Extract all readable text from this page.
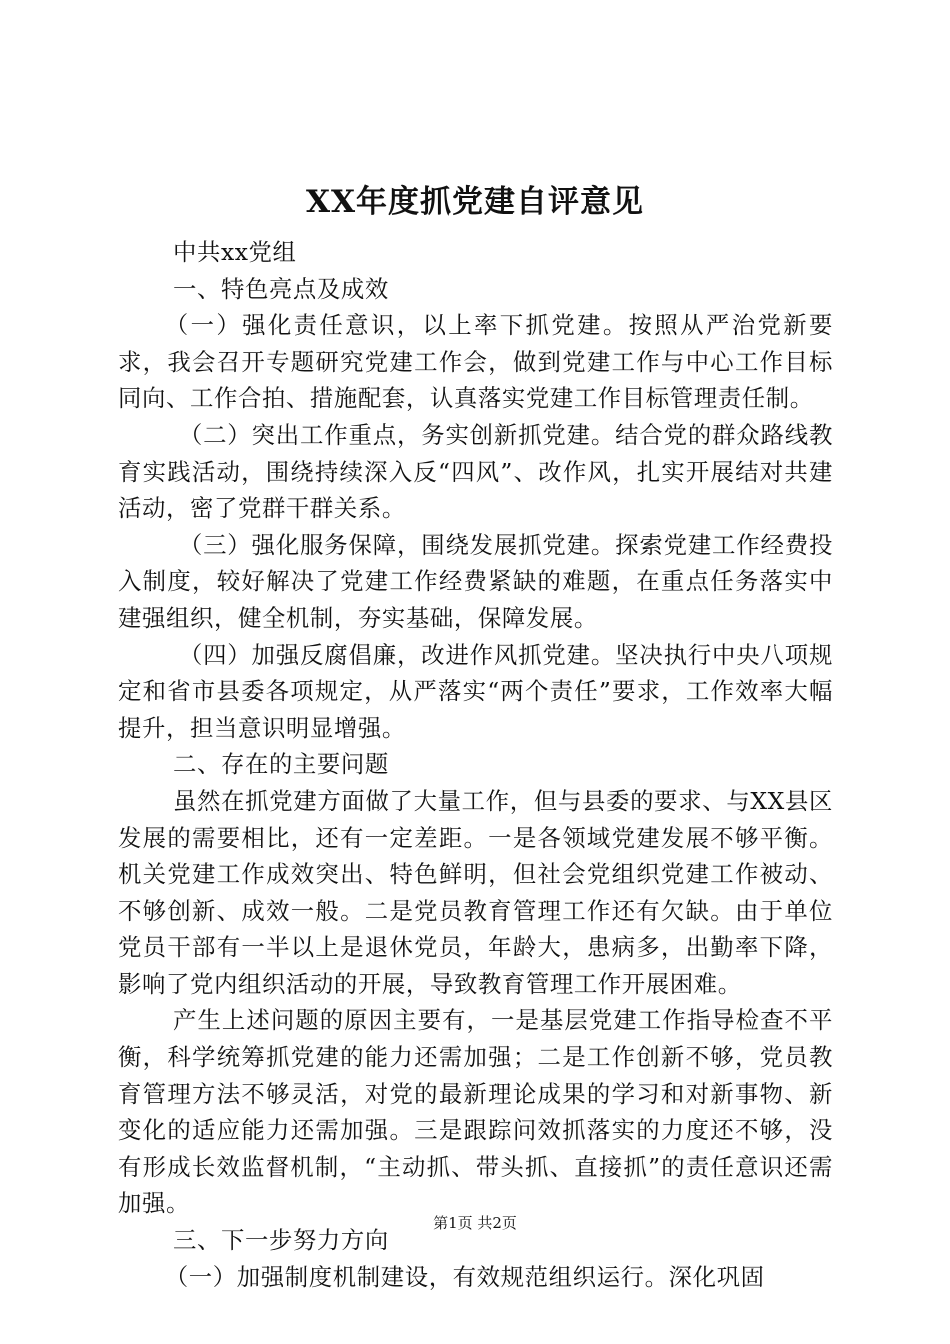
XX年度抓党建自评意见

中共xx党组

一、特色亮点及成效

（一）强化责任意识，以上率下抓党建。按照从严治党新要求，我会召开专题研究党建工作会，做到党建工作与中心工作目标同向、工作合拍、措施配套，认真落实党建工作目标管理责任制。

（二）突出工作重点，务实创新抓党建。结合党的群众路线教育实践活动，围绕持续深入反“四风”、改作风，扎实开展结对共建活动，密了党群干群关系。

（三）强化服务保障，围绕发展抓党建。探索党建工作经费投入制度，较好解决了党建工作经费紧缺的难题，在重点任务落实中建强组织，健全机制，夯实基础，保障发展。

（四）加强反腐倡廉，改进作风抓党建。坚决执行中央八项规定和省市县委各项规定，从严落实“两个责任”要求，工作效率大幅提升，担当意识明显增强。

二、存在的主要问题

虽然在抓党建方面做了大量工作，但与县委的要求、与XX县区发展的需要相比，还有一定差距。一是各领域党建发展不够平衡。机关党建工作成效突出、特色鲜明，但社会党组织党建工作被动、不够创新、成效一般。二是党员教育管理工作还有欠缺。由于单位党员干部有一半以上是退休党员，年龄大，患病多，出勤率下降，影响了党内组织活动的开展，导致教育管理工作开展困难。

产生上述问题的原因主要有，一是基层党建工作指导检查不平衡，科学统筹抓党建的能力还需加强；二是工作创新不够，党员教育管理方法不够灵活，对党的最新理论成果的学习和对新事物、新变化的适应能力还需加强。三是跟踪问效抓落实的力度还不够，没有形成长效监督机制，“主动抓、带头抓、直接抓”的责任意识还需加强。

三、下一步努力方向

（一）加强制度机制建设，有效规范组织运行。深化巩固

第1页 共2页
